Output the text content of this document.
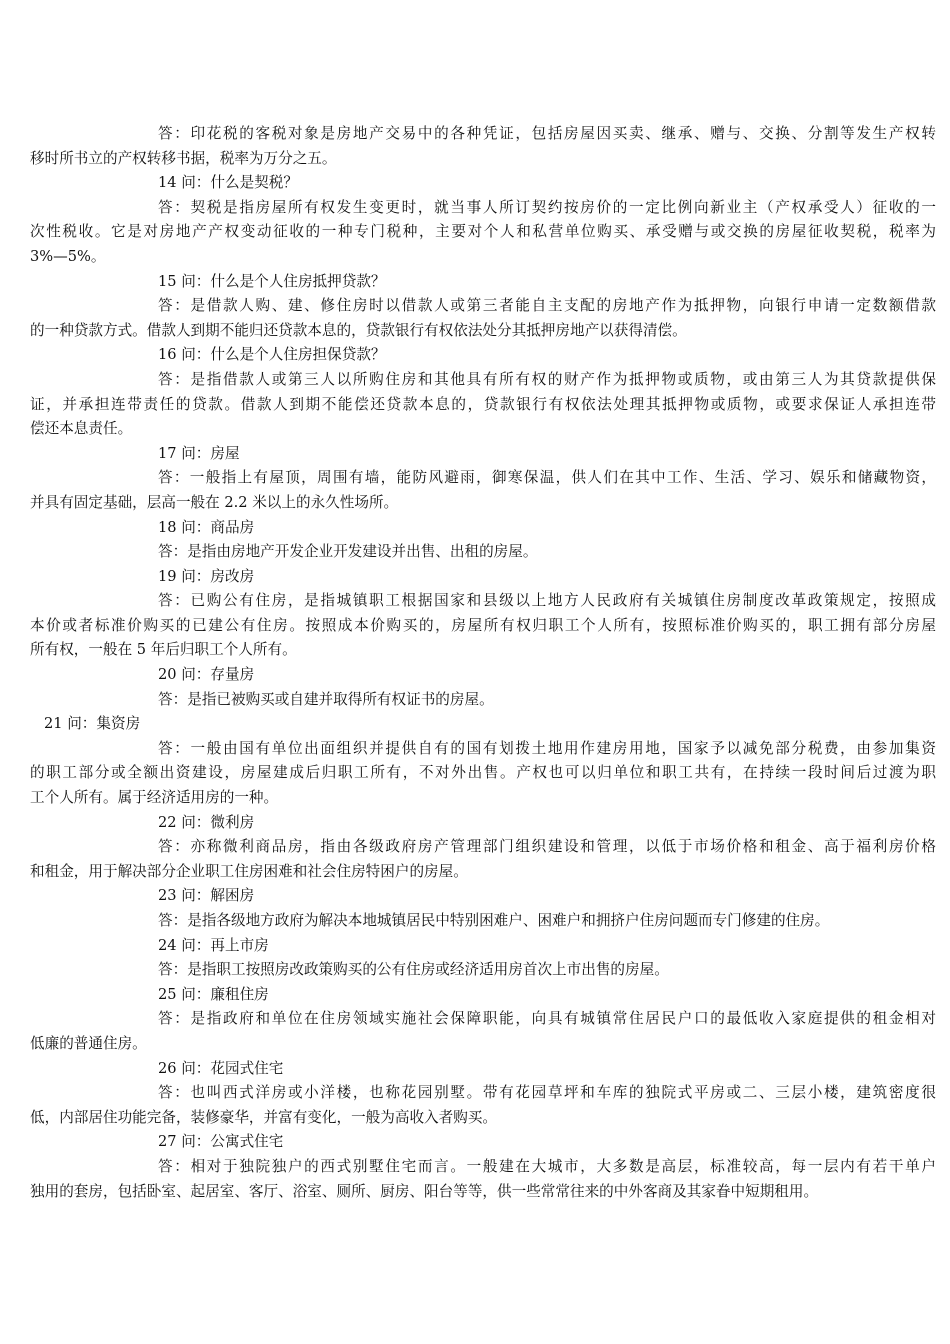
答：印花税的客税对象是房地产交易中的各种凭证，包括房屋因买卖、继承、赠与、交换、分割等发生产权转
移时所书立的产权转移书据，税率为万分之五。
14 问：什么是契税？
答：契税是指房屋所有权发生变更时，就当事人所订契约按房价的一定比例向新业主（产权承受人）征收的一
次性税收。它是对房地产产权变动征收的一种专门税种，主要对个人和私营单位购买、承受赠与或交换的房屋征收契税，税率为
3%—5%。
15 问：什么是个人住房抵押贷款？
答：是借款人购、建、修住房时以借款人或第三者能自主支配的房地产作为抵押物，向银行申请一定数额借款
的一种贷款方式。借款人到期不能归还贷款本息的，贷款银行有权依法处分其抵押房地产以获得清偿。
16 问：什么是个人住房担保贷款？
答：是指借款人或第三人以所购住房和其他具有所有权的财产作为抵押物或质物，或由第三人为其贷款提供保
证，并承担连带责任的贷款。借款人到期不能偿还贷款本息的，贷款银行有权依法处理其抵押物或质物，或要求保证人承担连带
偿还本息责任。
17 问：房屋
答：一般指上有屋顶，周围有墙，能防风避雨，御寒保温，供人们在其中工作、生活、学习、娱乐和储藏物资，
并具有固定基础，层高一般在 2.2 米以上的永久性场所。
18 问：商品房
答：是指由房地产开发企业开发建设并出售、出租的房屋。
19 问：房改房
答：已购公有住房，是指城镇职工根据国家和县级以上地方人民政府有关城镇住房制度改革政策规定，按照成
本价或者标准价购买的已建公有住房。按照成本价购买的，房屋所有权归职工个人所有，按照标准价购买的，职工拥有部分房屋
所有权，一般在 5 年后归职工个人所有。
20 问：存量房
答：是指已被购买或自建并取得所有权证书的房屋。
21 问：集资房
答：一般由国有单位出面组织并提供自有的国有划拨土地用作建房用地，国家予以减免部分税费，由参加集资
的职工部分或全额出资建设，房屋建成后归职工所有，不对外出售。产权也可以归单位和职工共有，在持续一段时间后过渡为职
工个人所有。属于经济适用房的一种。
22 问：微利房
答：亦称微利商品房，指由各级政府房产管理部门组织建设和管理，以低于市场价格和租金、高于福利房价格
和租金，用于解决部分企业职工住房困难和社会住房特困户的房屋。
23 问：解困房
答：是指各级地方政府为解决本地城镇居民中特别困难户、困难户和拥挤户住房问题而专门修建的住房。
24 问：再上市房
答：是指职工按照房改政策购买的公有住房或经济适用房首次上市出售的房屋。
25 问：廉租住房
答：是指政府和单位在住房领域实施社会保障职能，向具有城镇常住居民户口的最低收入家庭提供的租金相对
低廉的普通住房。
26 问：花园式住宅
答：也叫西式洋房或小洋楼，也称花园别墅。带有花园草坪和车库的独院式平房或二、三层小楼，建筑密度很
低，内部居住功能完备，装修豪华，并富有变化，一般为高收入者购买。
27 问：公寓式住宅
答：相对于独院独户的西式别墅住宅而言。一般建在大城市，大多数是高层，标准较高，每一层内有若干单户
独用的套房，包括卧室、起居室、客厅、浴室、厕所、厨房、阳台等等，供一些常常往来的中外客商及其家眷中短期租用。
